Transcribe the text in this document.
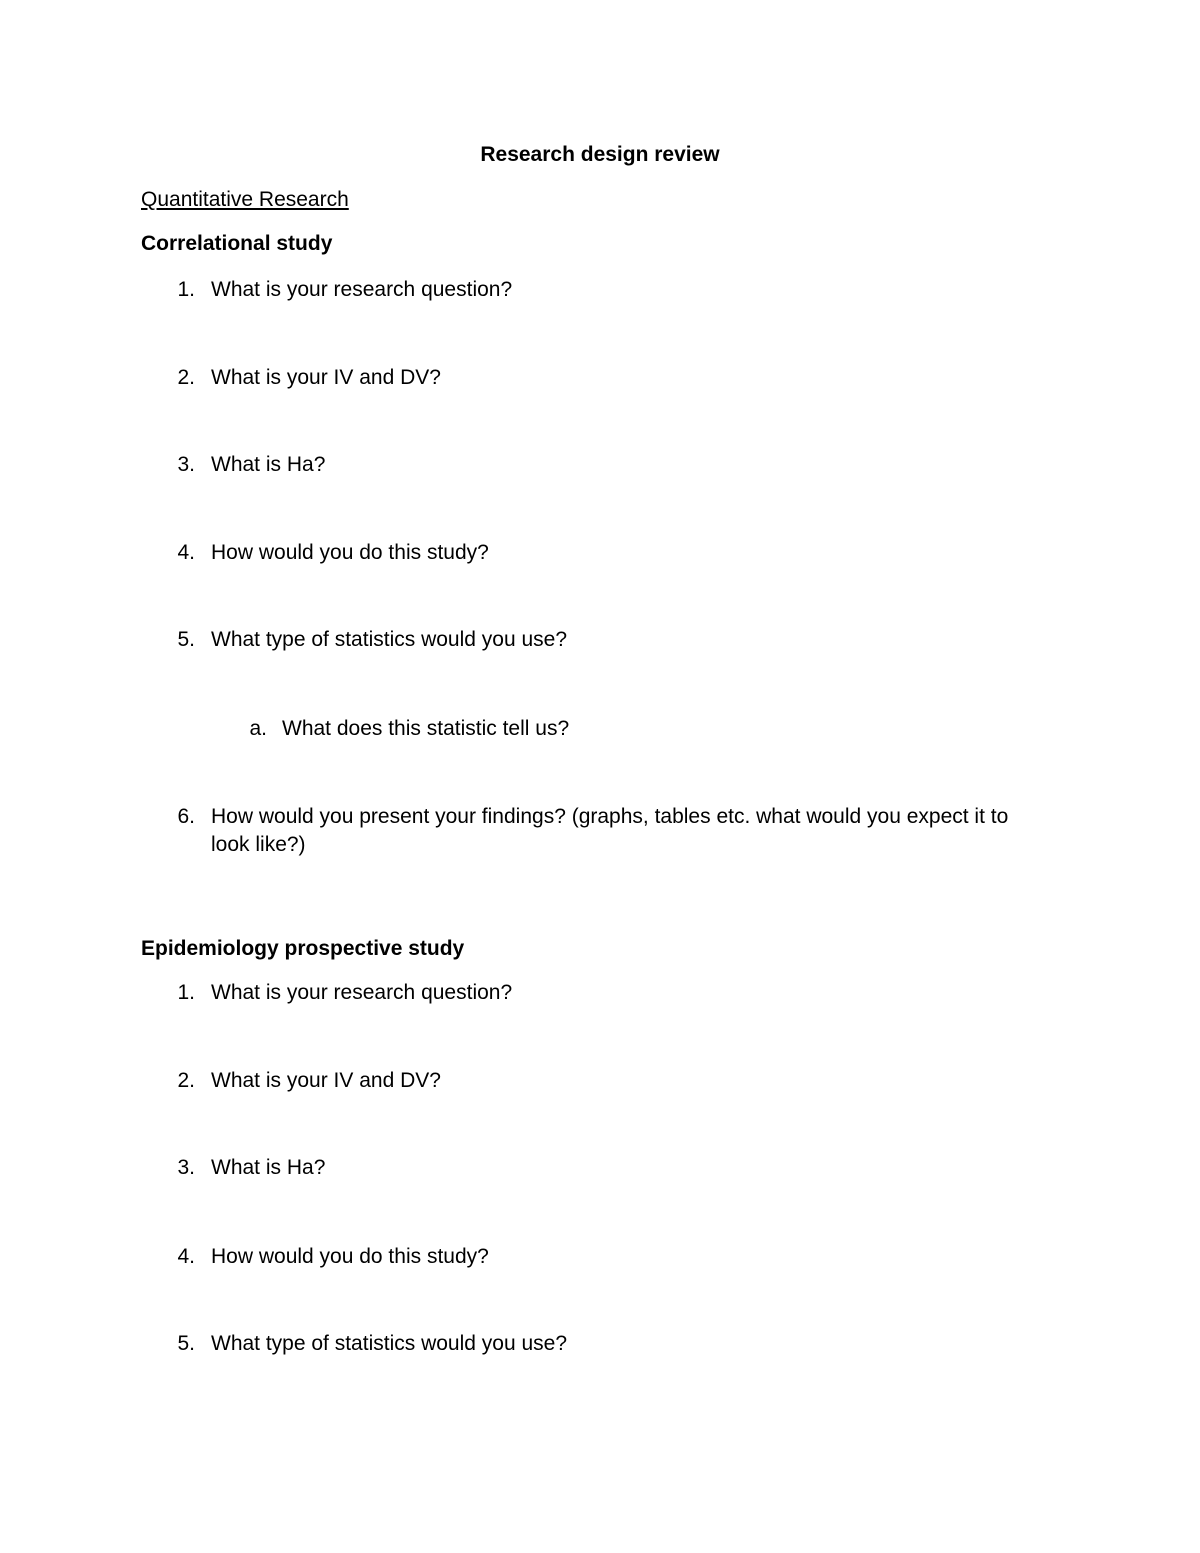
Research design review
Quantitative Research
Correlational study
1. What is your research question?
2. What is your IV and DV?
3. What is Ha?
4. How would you do this study?
5. What type of statistics would you use?
a. What does this statistic tell us?
6. How would you present your findings? (graphs, tables etc. what would you expect it to look like?)
Epidemiology prospective study
1. What is your research question?
2. What is your IV and DV?
3. What is Ha?
4. How would you do this study?
5. What type of statistics would you use?
